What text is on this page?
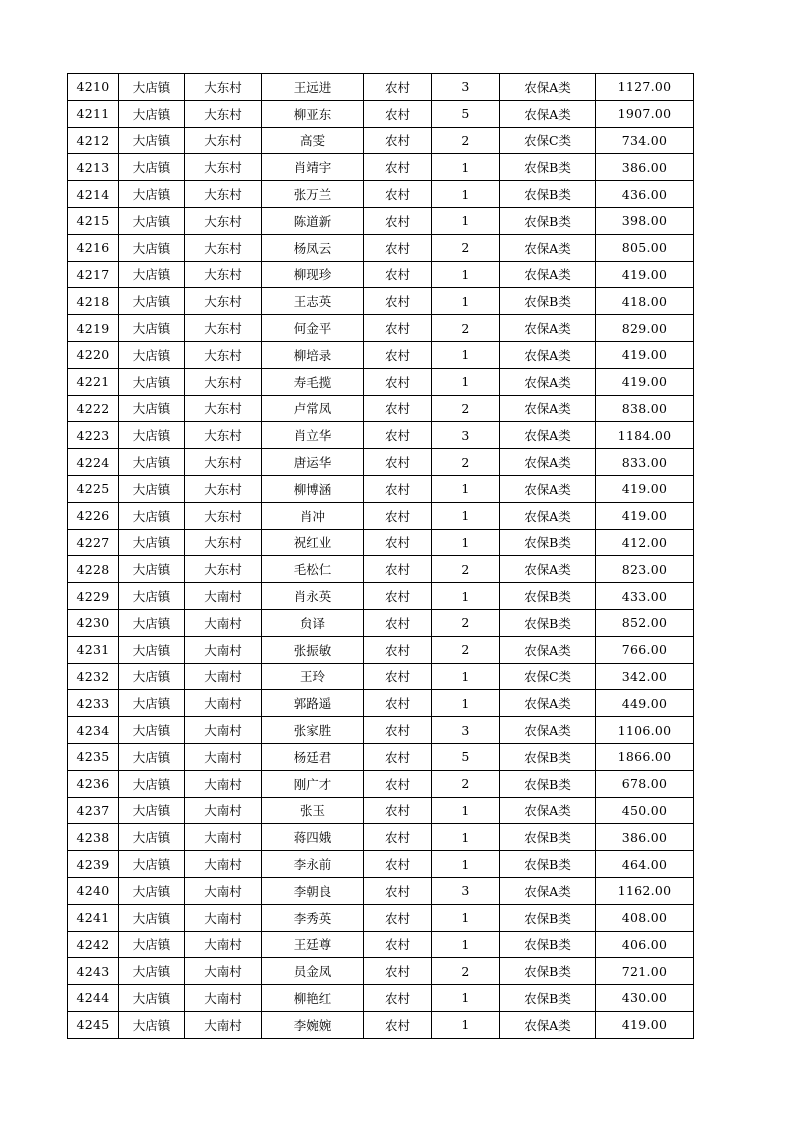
4210	大店镇	大东村	王远进	农村	3	农保A类	1127.00
4211	大店镇	大东村	柳亚东	农村	5	农保A类	1907.00
4212	大店镇	大东村	高雯	农村	2	农保C类	734.00
4213	大店镇	大东村	肖靖宇	农村	1	农保B类	386.00
4214	大店镇	大东村	张万兰	农村	1	农保B类	436.00
4215	大店镇	大东村	陈道新	农村	1	农保B类	398.00
4216	大店镇	大东村	杨凤云	农村	2	农保A类	805.00
4217	大店镇	大东村	柳现珍	农村	1	农保A类	419.00
4218	大店镇	大东村	王志英	农村	1	农保B类	418.00
4219	大店镇	大东村	何金平	农村	2	农保A类	829.00
4220	大店镇	大东村	柳培录	农村	1	农保A类	419.00
4221	大店镇	大东村	寿毛揽	农村	1	农保A类	419.00
4222	大店镇	大东村	卢常凤	农村	2	农保A类	838.00
4223	大店镇	大东村	肖立华	农村	3	农保A类	1184.00
4224	大店镇	大东村	唐运华	农村	2	农保A类	833.00
4225	大店镇	大东村	柳博涵	农村	1	农保A类	419.00
4226	大店镇	大东村	肖冲	农村	1	农保A类	419.00
4227	大店镇	大东村	祝红业	农村	1	农保B类	412.00
4228	大店镇	大东村	毛松仁	农村	2	农保A类	823.00
4229	大店镇	大南村	肖永英	农村	1	农保B类	433.00
4230	大店镇	大南村	贠译	农村	2	农保B类	852.00
4231	大店镇	大南村	张振敏	农村	2	农保A类	766.00
4232	大店镇	大南村	王玲	农村	1	农保C类	342.00
4233	大店镇	大南村	郭路遥	农村	1	农保A类	449.00
4234	大店镇	大南村	张家胜	农村	3	农保A类	1106.00
4235	大店镇	大南村	杨廷君	农村	5	农保B类	1866.00
4236	大店镇	大南村	刚广才	农村	2	农保B类	678.00
4237	大店镇	大南村	张玉	农村	1	农保A类	450.00
4238	大店镇	大南村	蒋四娥	农村	1	农保B类	386.00
4239	大店镇	大南村	李永前	农村	1	农保B类	464.00
4240	大店镇	大南村	李朝良	农村	3	农保A类	1162.00
4241	大店镇	大南村	李秀英	农村	1	农保B类	408.00
4242	大店镇	大南村	王廷尊	农村	1	农保B类	406.00
4243	大店镇	大南村	员金凤	农村	2	农保B类	721.00
4244	大店镇	大南村	柳艳红	农村	1	农保B类	430.00
4245	大店镇	大南村	李婉婉	农村	1	农保A类	419.00
